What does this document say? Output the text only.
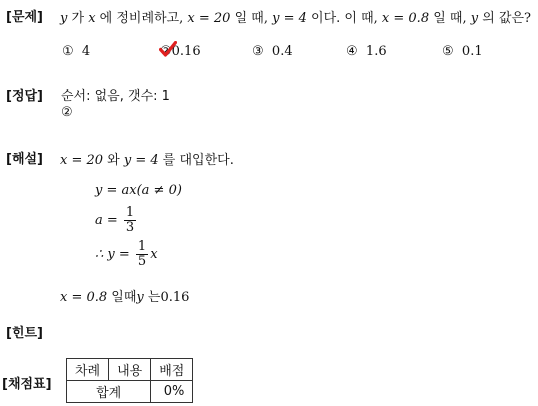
[문제] y 가 x 에 정비례하고, x = 20 일 때, y = 4 이다. 이 때, x = 0.8 일 때, y 의 값은?
① 4	②0.16	③ 0.4	④ 1.6	⑤ 0.1
[정답] 순서: 없음, 갯수: 1
②
[해설] x = 20 와 y = 4 를 대입한다.
y = ax(a ≠ 0)
$a = \frac{1}{3}$
∴ $y = \frac{1}{5}$ x
x = 0.8 일때y 는0.16
[힌트]
[채점표]
차례	내용	배점
합계		0%
